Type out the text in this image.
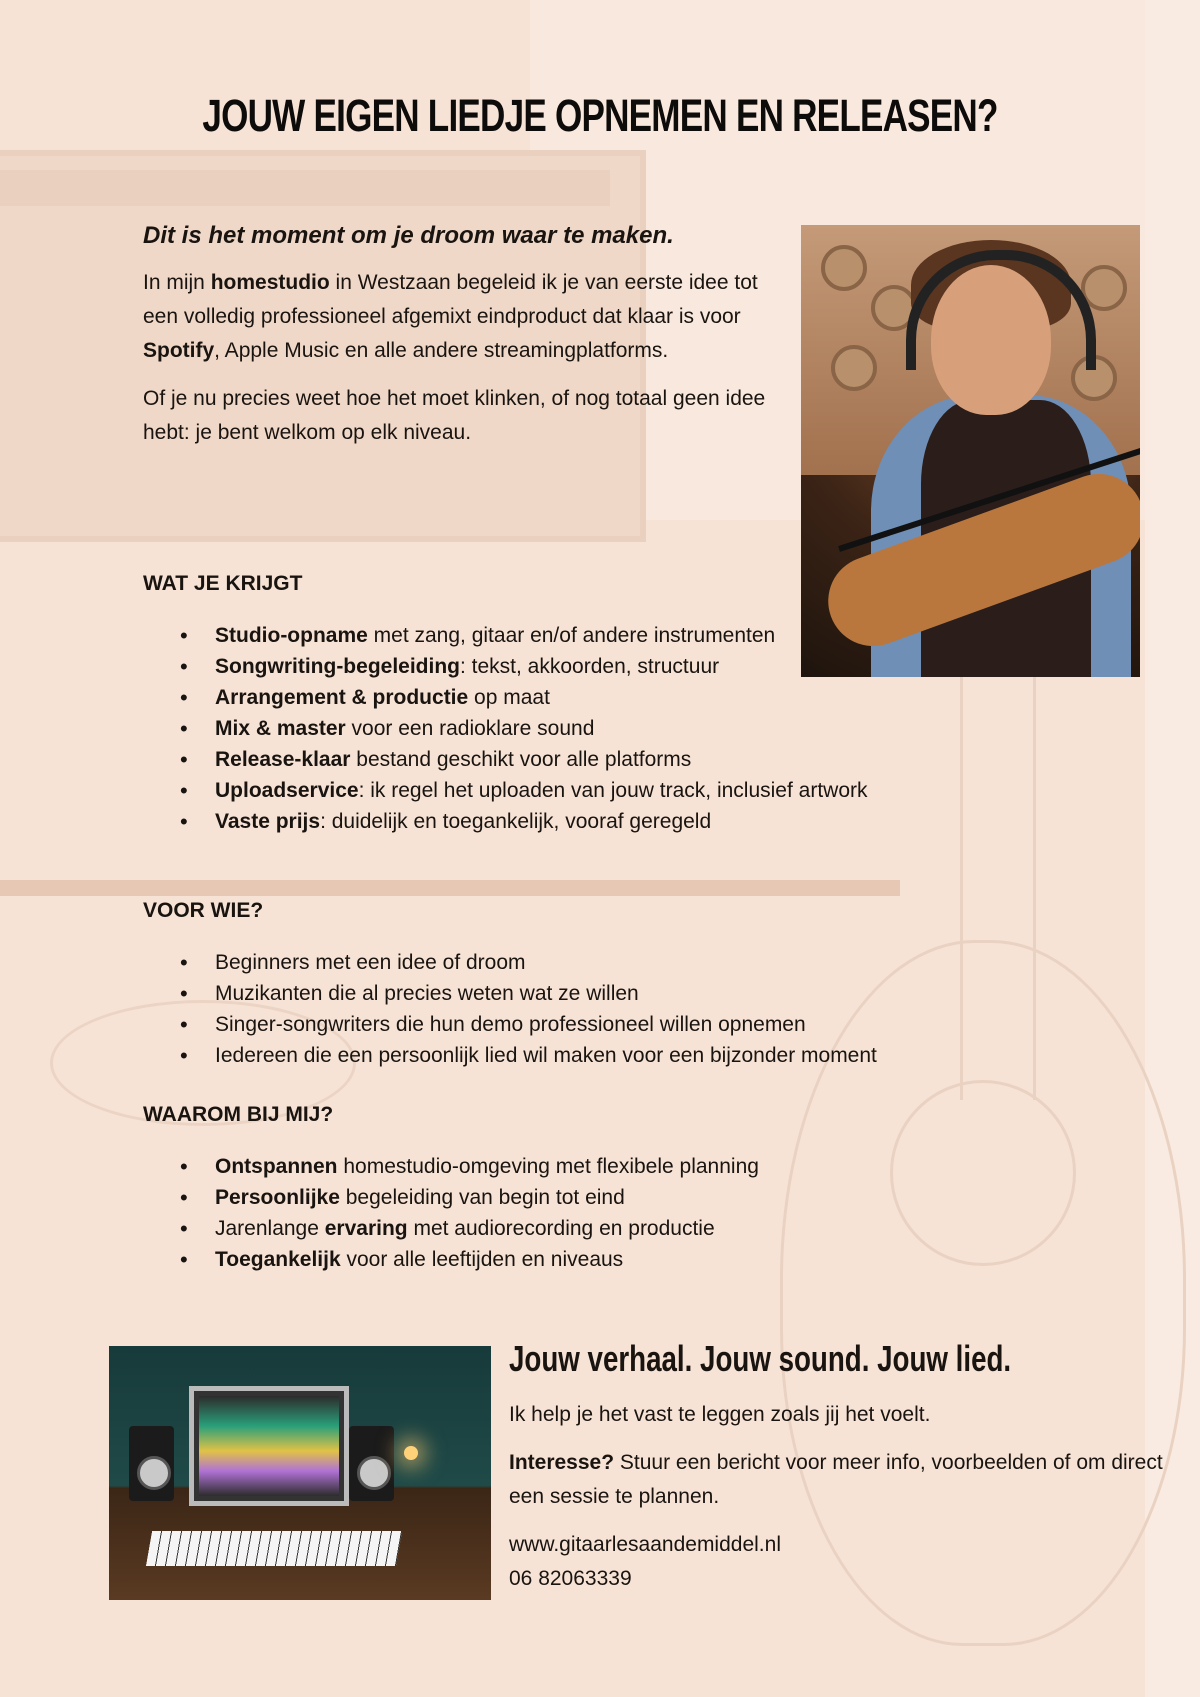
JOUW EIGEN LIEDJE OPNEMEN EN RELEASEN?

Dit is het moment om je droom waar te maken.

In mijn homestudio in Westzaan begeleid ik je van eerste idee tot een volledig professioneel afgemixt eindproduct dat klaar is voor Spotify, Apple Music en alle andere streamingplatforms.

Of je nu precies weet hoe het moet klinken, of nog totaal geen idee hebt: je bent welkom op elk niveau.

WAT JE KRIJGT
• Studio-opname met zang, gitaar en/of andere instrumenten
• Songwriting-begeleiding: tekst, akkoorden, structuur
• Arrangement & productie op maat
• Mix & master voor een radioklare sound
• Release-klaar bestand geschikt voor alle platforms
• Uploadservice: ik regel het uploaden van jouw track, inclusief artwork
• Vaste prijs: duidelijk en toegankelijk, vooraf geregeld
VOOR WIE?
• Beginners met een idee of droom
• Muzikanten die al precies weten wat ze willen
• Singer-songwriters die hun demo professioneel willen opnemen
• Iedereen die een persoonlijk lied wil maken voor een bijzonder moment
WAAROM BIJ MIJ?
• Ontspannen homestudio-omgeving met flexibele planning
• Persoonlijke begeleiding van begin tot eind
• Jarenlange ervaring met audiorecording en productie
• Toegankelijk voor alle leeftijden en niveaus
Jouw verhaal. Jouw sound. Jouw lied.

Ik help je het vast te leggen zoals jij het voelt.

Interesse? Stuur een bericht voor meer info, voorbeelden of om direct een sessie te plannen.

www.gitaarlesaandemiddel.nl

06 82063339
